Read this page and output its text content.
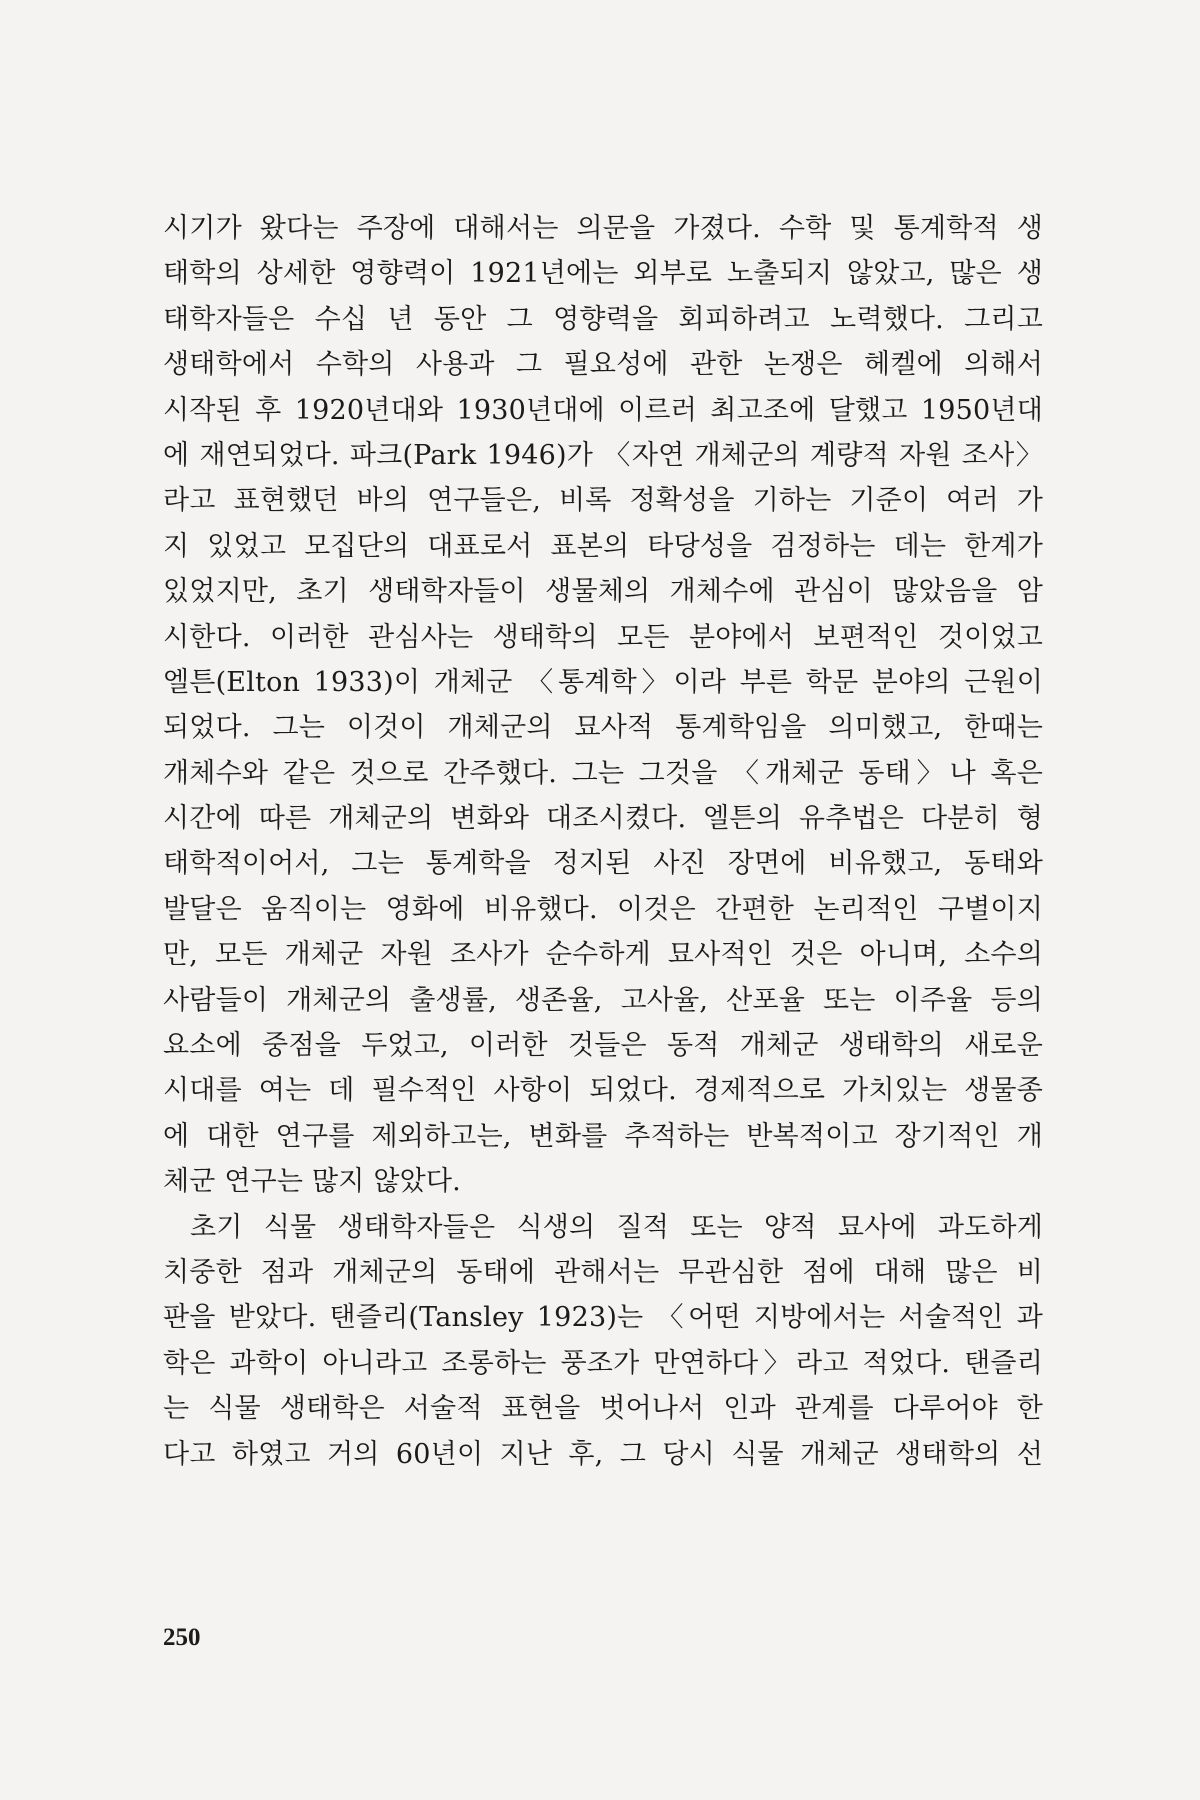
시기가 왔다는 주장에 대해서는 의문을 가졌다. 수학 및 통계학적 생
태학의 상세한 영향력이 1921년에는 외부로 노출되지 않았고, 많은 생
태학자들은 수십 년 동안 그 영향력을 회피하려고 노력했다. 그리고
생태학에서 수학의 사용과 그 필요성에 관한 논쟁은 헤켈에 의해서
시작된 후 1920년대와 1930년대에 이르러 최고조에 달했고 1950년대
에 재연되었다. 파크(Park 1946)가 〈자연 개체군의 계량적 자원 조사〉
라고 표현했던 바의 연구들은, 비록 정확성을 기하는 기준이 여러 가
지 있었고 모집단의 대표로서 표본의 타당성을 검정하는 데는 한계가
있었지만, 초기 생태학자들이 생물체의 개체수에 관심이 많았음을 암
시한다. 이러한 관심사는 생태학의 모든 분야에서 보편적인 것이었고
엘튼(Elton 1933)이 개체군 〈통계학〉이라 부른 학문 분야의 근원이
되었다. 그는 이것이 개체군의 묘사적 통계학임을 의미했고, 한때는
개체수와 같은 것으로 간주했다. 그는 그것을 〈개체군 동태〉나 혹은
시간에 따른 개체군의 변화와 대조시켰다. 엘튼의 유추법은 다분히 형
태학적이어서, 그는 통계학을 정지된 사진 장면에 비유했고, 동태와
발달은 움직이는 영화에 비유했다. 이것은 간편한 논리적인 구별이지
만, 모든 개체군 자원 조사가 순수하게 묘사적인 것은 아니며, 소수의
사람들이 개체군의 출생률, 생존율, 고사율, 산포율 또는 이주율 등의
요소에 중점을 두었고, 이러한 것들은 동적 개체군 생태학의 새로운
시대를 여는 데 필수적인 사항이 되었다. 경제적으로 가치있는 생물종
에 대한 연구를 제외하고는, 변화를 추적하는 반복적이고 장기적인 개
체군 연구는 많지 않았다.
초기 식물 생태학자들은 식생의 질적 또는 양적 묘사에 과도하게
치중한 점과 개체군의 동태에 관해서는 무관심한 점에 대해 많은 비
판을 받았다. 탠즐리(Tansley 1923)는 〈어떤 지방에서는 서술적인 과
학은 과학이 아니라고 조롱하는 풍조가 만연하다〉라고 적었다. 탠즐리
는 식물 생태학은 서술적 표현을 벗어나서 인과 관계를 다루어야 한
다고 하였고 거의 60년이 지난 후, 그 당시 식물 개체군 생태학의 선
250
